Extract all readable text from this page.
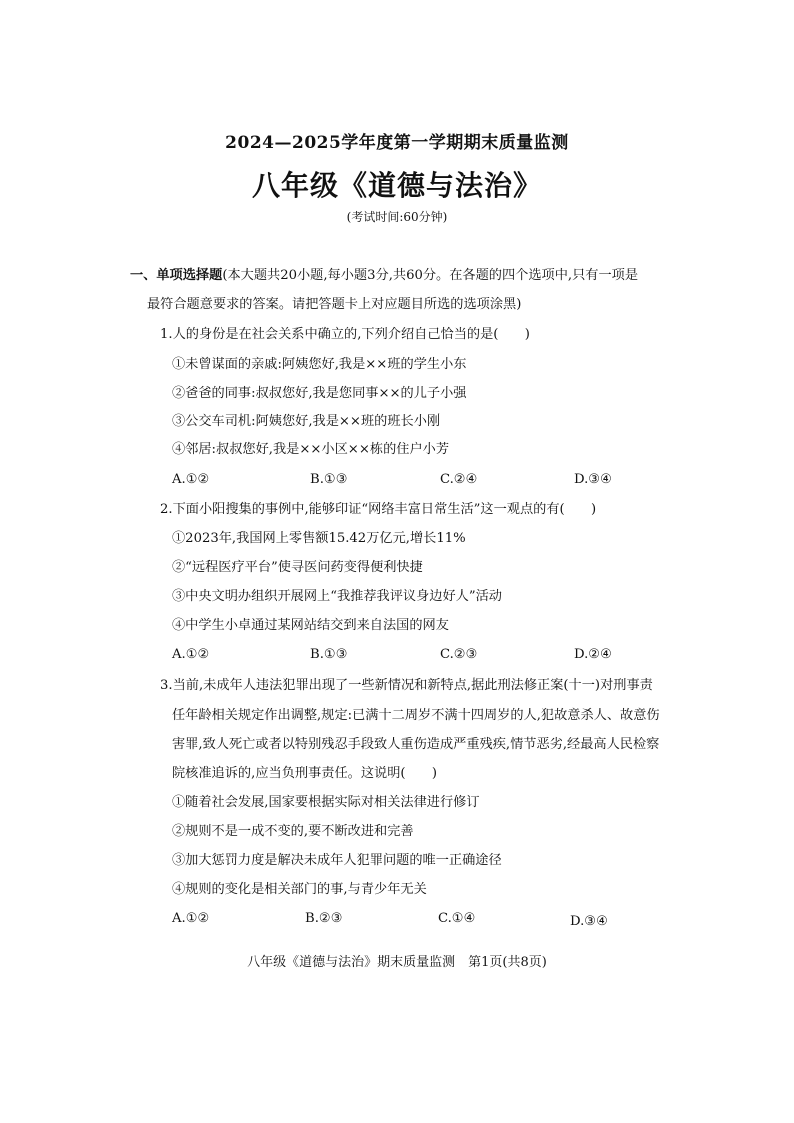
2024—2025学年度第一学期期末质量监测
八年级《道德与法治》
(考试时间:60分钟)
一、单项选择题(本大题共20小题,每小题3分,共60分。在各题的四个选项中,只有一项是
最符合题意要求的答案。请把答题卡上对应题目所选的选项涂黑)
1.人的身份是在社会关系中确立的,下列介绍自己恰当的是(　　)
①未曾谋面的亲戚:阿姨您好,我是××班的学生小东
②爸爸的同事:叔叔您好,我是您同事××的儿子小强
③公交车司机:阿姨您好,我是××班的班长小刚
④邻居:叔叔您好,我是××小区××栋的住户小芳
A.①②	B.①③	C.②④	D.③④
2.下面小阳搜集的事例中,能够印证“网络丰富日常生活”这一观点的有(　　)
①2023年,我国网上零售额15.42万亿元,增长11%
②“远程医疗平台”使寻医问药变得便利快捷
③中央文明办组织开展网上“我推荐我评议身边好人”活动
④中学生小卓通过某网站结交到来自法国的网友
A.①②	B.①③	C.②③	D.②④
3.当前,未成年人违法犯罪出现了一些新情况和新特点,据此刑法修正案(十一)对刑事责
任年龄相关规定作出调整,规定:已满十二周岁不满十四周岁的人,犯故意杀人、故意伤
害罪,致人死亡或者以特别残忍手段致人重伤造成严重残疾,情节恶劣,经最高人民检察
院核准追诉的,应当负刑事责任。这说明(　　)
①随着社会发展,国家要根据实际对相关法律进行修订
②规则不是一成不变的,要不断改进和完善
③加大惩罚力度是解决未成年人犯罪问题的唯一正确途径
④规则的变化是相关部门的事,与青少年无关
A.①②	B.②③	C.①④	D.③④
八年级《道德与法治》期末质量监测　第1页(共8页)
